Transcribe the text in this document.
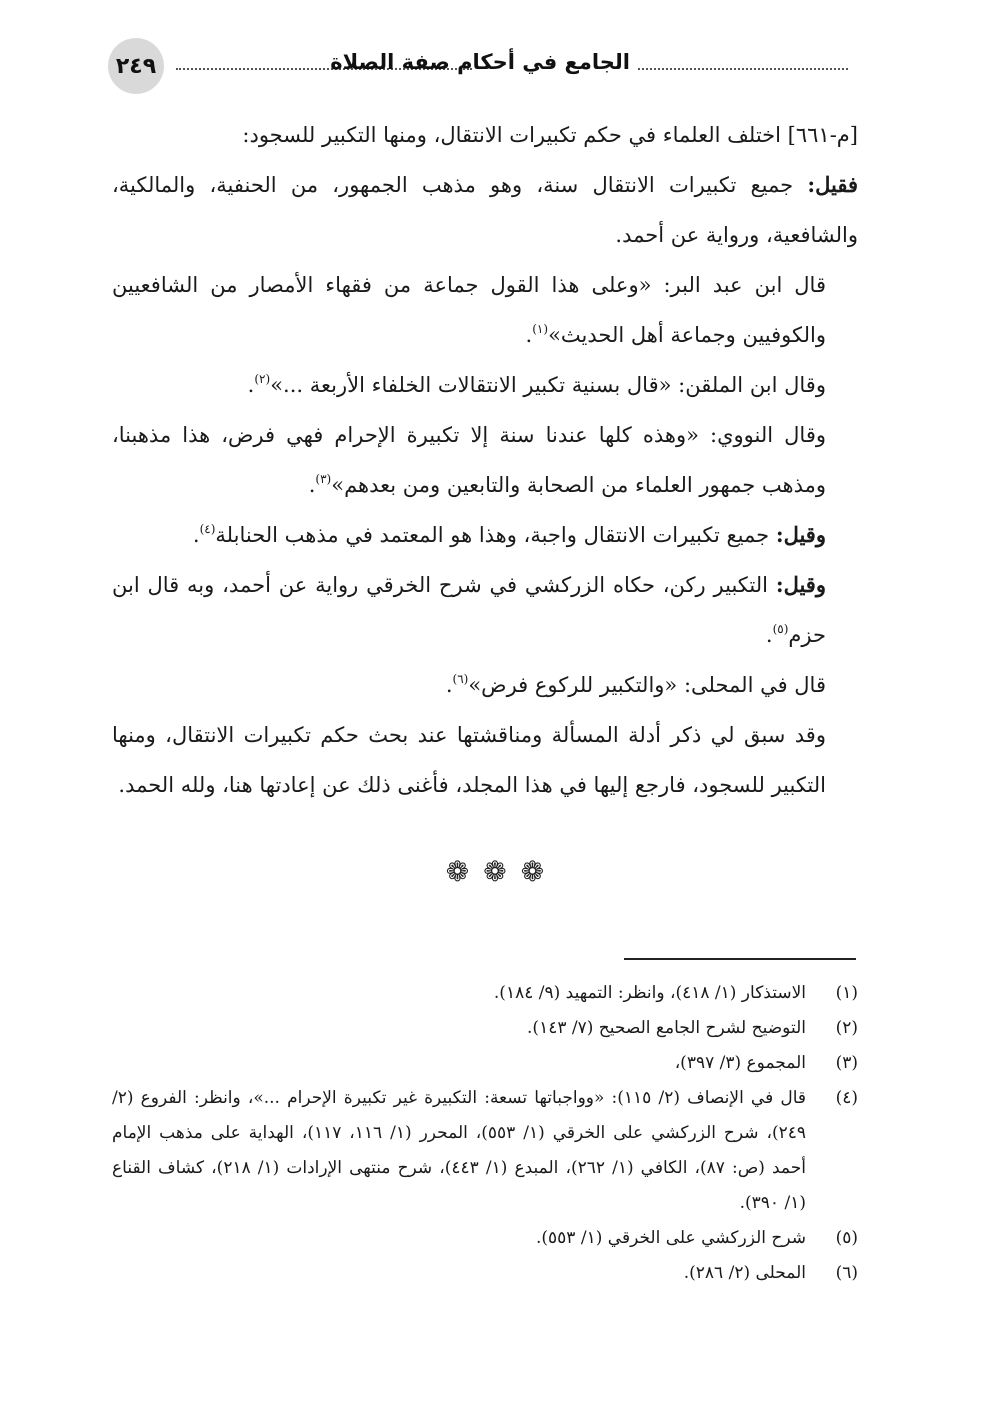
٢٤٩	الجامع في أحكام صفة الصلاة

[م-٦٦١] اختلف العلماء في حكم تكبيرات الانتقال، ومنها التكبير للسجود:

فقيل: جميع تكبيرات الانتقال سنة، وهو مذهب الجمهور، من الحنفية، والمالكية، والشافعية، ورواية عن أحمد.

قال ابن عبد البر: «وعلى هذا القول جماعة من فقهاء الأمصار من الشافعيين والكوفيين وجماعة أهل الحديث»$^{(١)}$.

وقال ابن الملقن: «قال بسنية تكبير الانتقالات الخلفاء الأربعة ...»$^{(٢)}$.

وقال النووي: «وهذه كلها عندنا سنة إلا تكبيرة الإحرام فهي فرض، هذا مذهبنا، ومذهب جمهور العلماء من الصحابة والتابعين ومن بعدهم»$^{(٣)}$.

وقيل: جميع تكبيرات الانتقال واجبة، وهذا هو المعتمد في مذهب الحنابلة$^{(٤)}$.

وقيل: التكبير ركن، حكاه الزركشي في شرح الخرقي رواية عن أحمد، وبه قال ابن حزم$^{(٥)}$.

قال في المحلى: «والتكبير للركوع فرض»$^{(٦)}$.

وقد سبق لي ذكر أدلة المسألة ومناقشتها عند بحث حكم تكبيرات الانتقال، ومنها التكبير للسجود، فارجع إليها في هذا المجلد، فأغنى ذلك عن إعادتها هنا، ولله الحمد.

❁❁❁
(١)
الاستذكار (١/ ٤١٨)، وانظر: التمهيد (٩/ ١٨٤).
(٢)
التوضيح لشرح الجامع الصحيح (٧/ ١٤٣).
(٣)
المجموع (٣/ ٣٩٧)،
(٤)
قال في الإنصاف (٢/ ١١٥): «وواجباتها تسعة: التكبيرة غير تكبيرة الإحرام ...»، وانظر: الفروع (٢/ ٢٤٩)، شرح الزركشي على الخرقي (١/ ٥٥٣)، المحرر (١/ ١١٦، ١١٧)، الهداية على مذهب الإمام أحمد (ص: ٨٧)، الكافي (١/ ٢٦٢)، المبدع (١/ ٤٤٣)، شرح منتهى الإرادات (١/ ٢١٨)، كشاف القناع (١/ ٣٩٠).
(٥)
شرح الزركشي على الخرقي (١/ ٥٥٣).
(٦)
المحلى (٢/ ٢٨٦).
